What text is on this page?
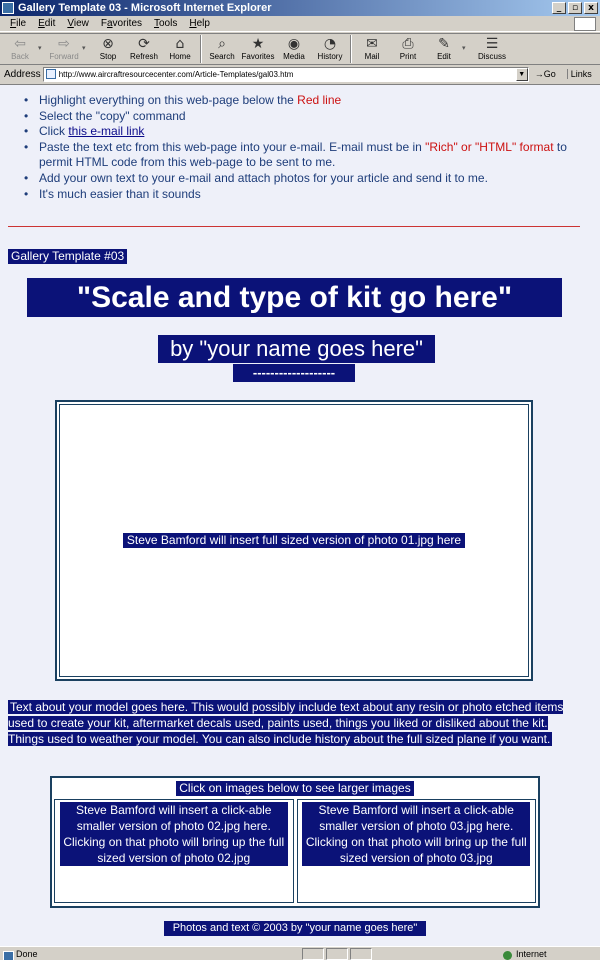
Gallery Template 03 - Microsoft Internet Explorer	_	▫	x
File	Edit	View	Favorites	Tools	Help
⇦
Back
▾	⇨
Forward
▾	⊗
Stop
⟳
Refresh
⌂
Home
⌕
Search
★
Favorites
◉
Media
◔
History
✉
Mail
⎙
Print
✎
Edit
▾	☰
Discuss
Address http://www.aircraftresourcecenter.com/Article-Templates/gal03.htm	▼ →Go	Links
• Highlight everything on this web-page below the Red line
• Select the "copy" command
• Click this e-mail link
• Paste the text etc from this web-page into your e-mail. E-mail must be in "Rich" or "HTML" format to permit HTML code from this web-page to be sent to me.
• Add your own text to your e-mail and attach photos for your article and send it to me.
• It's much easier than it sounds
Gallery Template #03
"Scale and type of kit go here"
by "your name goes here"
-------------------
Steve Bamford will insert full sized version of photo 01.jpg here
Text about your model goes here. This would possibly include text about any resin or photo etched items used to create your kit, aftermarket decals used, paints used, things you liked or disliked about the kit. Things used to weather your model. You can also include history about the full sized plane if you want.
Click on images below to see larger images
Steve Bamford will insert a click-able smaller version of photo 02.jpg here. Clicking on that photo will bring up the full sized version of photo 02.jpg
Steve Bamford will insert a click-able smaller version of photo 03.jpg here. Clicking on that photo will bring up the full sized version of photo 03.jpg
Photos and text © 2003 by "your name goes here"
Done	Internet
